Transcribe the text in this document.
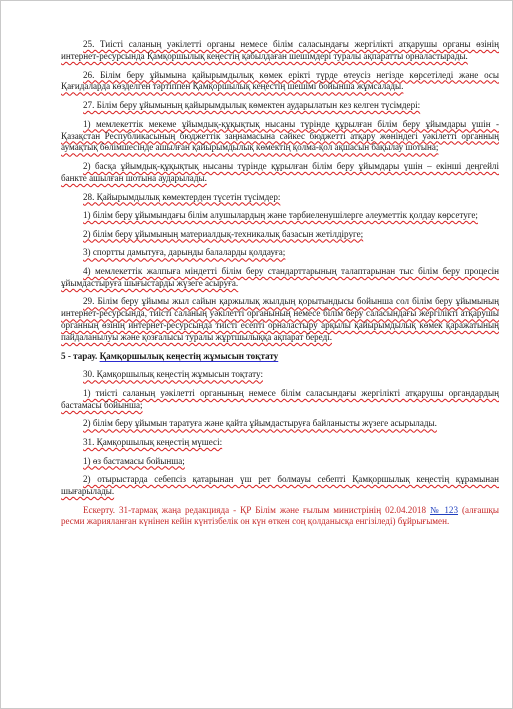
25. Тиісті саланың уәкілетті органы немесе білім саласындағы жергілікті атқарушы органы өзінің интернет-ресурсында Қамқоршылық кеңестің қабылдаған шешімдері туралы ақпаратты орналастырады.

26. Білім беру ұйымына қайырымдылық көмек ерікті түрде өтеусіз негізде көрсетіледі және осы Қағидаларда көзделген тәртіппен Қамқоршылық кеңестің шешімі бойынша жұмсалады.

27. Білім беру ұйымының қайырымдылық көмектен аударылатын кез келген түсімдері:

1) мемлекеттік мекеме ұйымдық-құқықтық нысаны түрінде құрылған білім беру ұйымдары үшін - Қазақстан Республикасының бюджеттік заңнамасына сәйкес бюджетті атқару жөніндегі уәкілетті органның аумақтық бөлімшесінде ашылған қайырымдылық көмектің қолма-қол ақшасын бақылау шотына;

2) басқа ұйымдық-құқықтық нысаны түрінде құрылған білім беру ұйымдары үшін – екінші деңгейлі банкте ашылған шотына аударылады.

28. Қайырымдылық көмектерден түсетін түсімдер:

1) білім беру ұйымындағы білім алушылардың және тәрбиеленушілерге әлеуметтік қолдау көрсетуге;

2) білім беру ұйымының материалдық-техникалық базасын жетілдіруге;

3) спортты дамытуға, дарынды балаларды қолдауға;

4) мемлекеттік жалпыға міндетті білім беру стандарттарының талаптарынан тыс білім беру процесін ұйымдастыруға шығыстарды жүзеге асыруға.

29. Білім беру ұйымы жыл сайын қаржылық жылдың қорытындысы бойынша сол білім беру ұйымының интернет-ресурсында, тиісті саланың уәкілетті органының немесе білім беру саласындағы жергілікті атқарушы органның өзінің интернет-ресурсында тиісті есепті орналастыру арқылы қайырымдылық көмек қаражатының пайдаланылуы және қозғалысы туралы жұртшылыққа ақпарат береді.

5 - тарау. Қамқоршылық кеңестің жұмысын тоқтату

30. Қамқоршылық кеңестің жұмысын тоқтату:

1) тиісті саланың уәкілетті органының немесе білім саласындағы жергілікті атқарушы органдардың бастамасы бойынша;

2) білім беру ұйымын таратуға және қайта ұйымдастыруға байланысты жүзеге асырылады.

31. Қамқоршылық кеңестің мүшесі:

1) өз бастамасы бойынша;

2) отырыстарда себепсіз қатарынан үш рет болмауы себепті Қамқоршылық кеңестің құрамынан шығарылады.

Ескерту. 31-тармақ жаңа редакцияда - ҚР Білім және ғылым министрінің 02.04.2018 № 123 (алғашқы ресми жарияланған күнінен кейін күнтізбелік он күн өткен соң қолданысқа енгізіледі) бұйрығымен.
